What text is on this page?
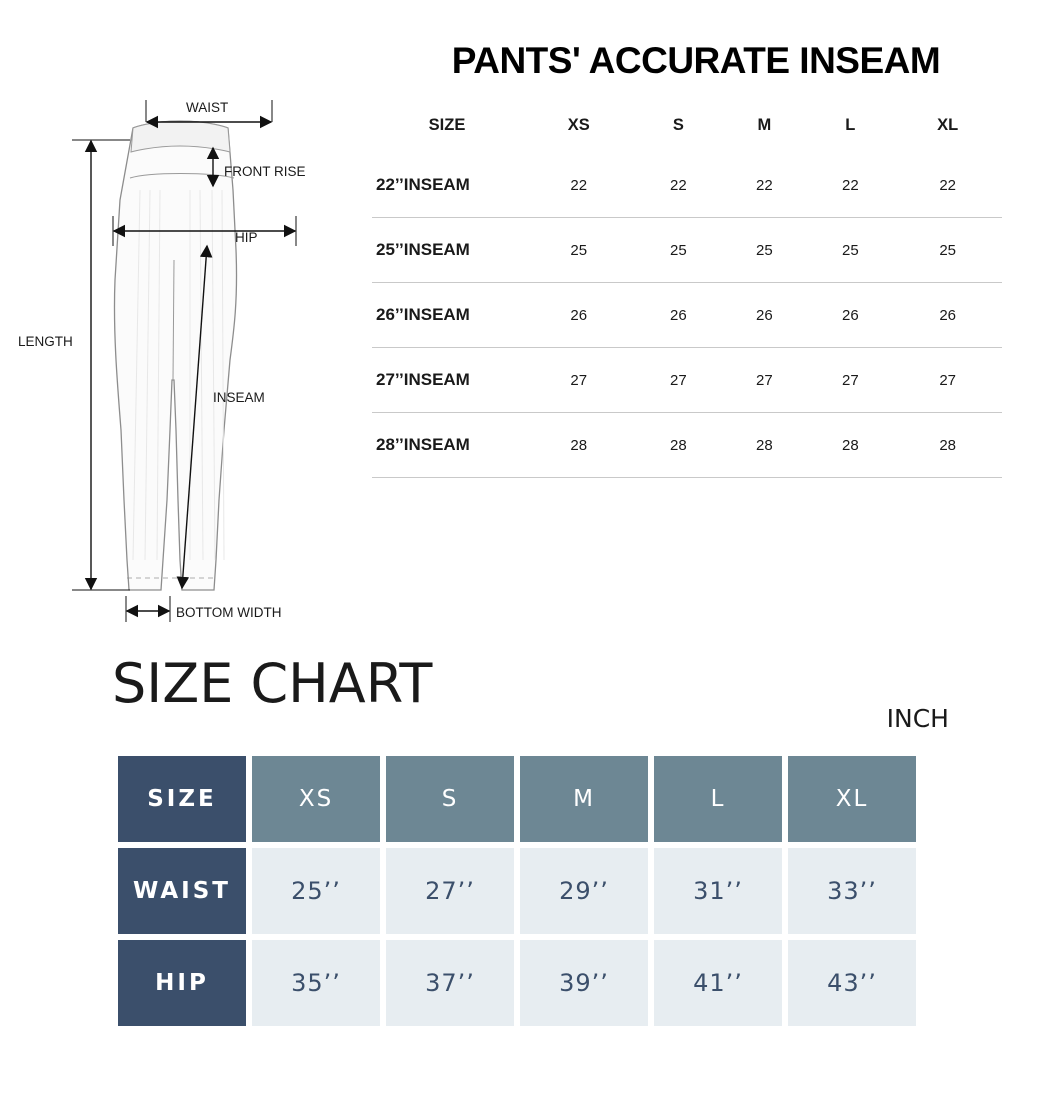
WAIST
FRONT RISE
HIP
LENGTH
INSEAM
BOTTOM WIDTH
PANTS' ACCURATE INSEAM
SIZE	XS	S	M	L	XL
22’’INSEAM	22	22	22	22	22
25’’INSEAM	25	25	25	25	25
26’’INSEAM	26	26	26	26	26
27’’INSEAM	27	27	27	27	27
28’’INSEAM	28	28	28	28	28
SIZE CHART
INCH
SIZE	XS	S	M	L	XL
WAIST	25’’	27’’	29’’	31’’	33’’
HIP	35’’	37’’	39’’	41’’	43’’
